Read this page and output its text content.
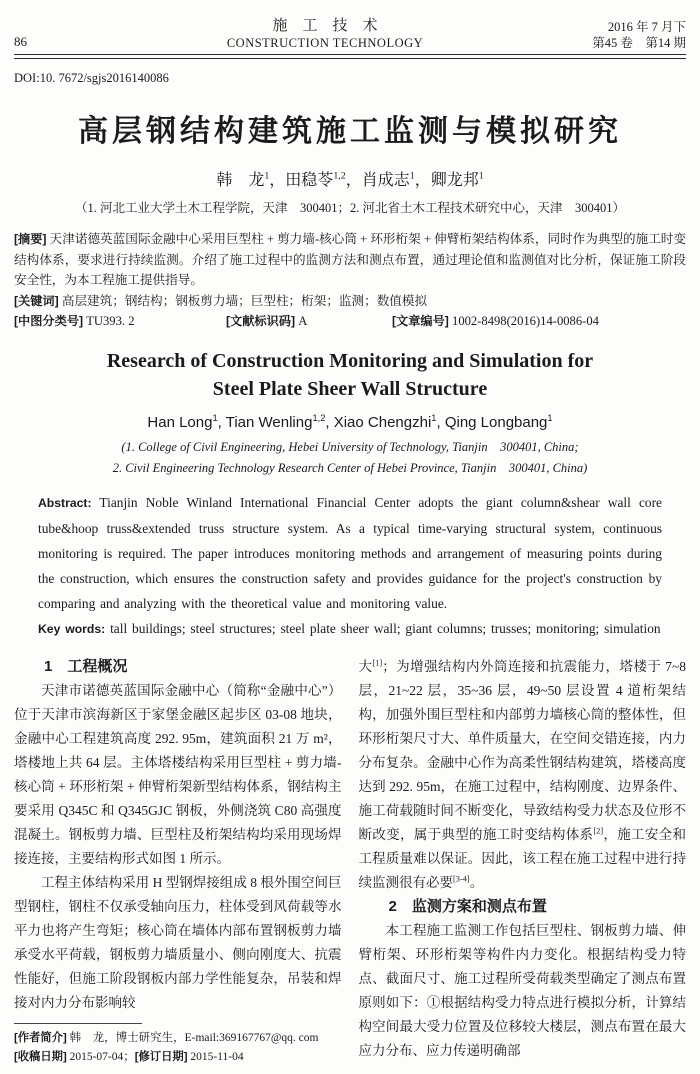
86
施　工　技　术
CONSTRUCTION TECHNOLOGY
2016 年 7 月下
第45 卷　第14 期
DOI:10. 7672/sgjs2016140086
高层钢结构建筑施工监测与模拟研究
韩　龙$^1$，田稳苓$^{1,2}$，肖成志$^1$，卿龙邦$^1$
（1. 河北工业大学土木工程学院，天津　300401；2. 河北省土木工程技术研究中心，天津　300401）

[摘要] 天津诺德英蓝国际金融中心采用巨型柱 + 剪力墙-核心筒 + 环形桁架 + 伸臂桁架结构体系，同时作为典型的施工时变结构体系，要求进行持续监测。介绍了施工过程中的监测方法和测点布置，通过理论值和监测值对比分析，保证施工阶段安全性，为本工程施工提供指导。

[关键词] 高层建筑；钢结构；钢板剪力墙；巨型柱；桁架；监测；数值模拟

[中图分类号] TU393. 2	[文献标识码] A	[文章编号] 1002-8498(2016)14-0086-04

Research of Construction Monitoring and Simulation for
Steel Plate Sheer Wall Structure
Han Long$^1$, Tian Wenling$^{1,2}$, Xiao Chengzhi$^1$, Qing Longbang$^1$
(1. College of Civil Engineering, Hebei University of Technology, Tianjin　300401, China;
2. Civil Engineering Technology Research Center of Hebei Province, Tianjin　300401, China)

Abstract: Tianjin Noble Winland International Financial Center adopts the giant column&shear wall core tube&hoop truss&extended truss structure system. As a typical time-varying structural system, continuous monitoring is required. The paper introduces monitoring methods and arrangement of measuring points during the construction, which ensures the construction safety and provides guidance for the project's construction by comparing and analyzing with the theoretical value and monitoring value.

Key words: tall buildings; steel structures; steel plate sheer wall; giant columns; trusses; monitoring; simulation

1　工程概况

天津市诺德英蓝国际金融中心（简称“金融中心”）位于天津市滨海新区于家堡金融区起步区 03-08 地块，金融中心工程建筑高度 292. 95m，建筑面积 21 万 m²，塔楼地上共 64 层。主体塔楼结构采用巨型柱 + 剪力墙-核心筒 + 环形桁架 + 伸臂桁架新型结构体系，钢结构主要采用 Q345C 和 Q345GJC 钢板，外侧浇筑 C80 高强度混凝土。钢板剪力墙、巨型柱及桁架结构均采用现场焊接连接，主要结构形式如图 1 所示。

工程主体结构采用 H 型钢焊接组成 8 根外围空间巨型钢柱，钢柱不仅承受轴向压力，柱体受到风荷载等水平力也将产生弯矩；核心筒在墙体内部布置钢板剪力墙承受水平荷载，钢板剪力墙质量小、侧向刚度大、抗震性能好，但施工阶段钢板内部力学性能复杂，吊装和焊接对内力分布影响较

[作者简介] 韩　龙，博士研究生，E-mail:369167767@qq. com
[收稿日期] 2015-07-04；[修订日期] 2015-11-04

大[1]；为增强结构内外筒连接和抗震能力，塔楼于 7~8 层，21~22 层，35~36 层，49~50 层设置 4 道桁架结构，加强外围巨型柱和内部剪力墙核心筒的整体性，但环形桁架尺寸大、单件质量大，在空间交错连接，内力分布复杂。金融中心作为高柔性钢结构建筑，塔楼高度达到 292. 95m，在施工过程中，结构刚度、边界条件、施工荷载随时间不断变化，导致结构受力状态及位形不断改变，属于典型的施工时变结构体系[2]，施工安全和工程质量难以保证。因此，该工程在施工过程中进行持续监测很有必要[3-4]。

2　监测方案和测点布置

本工程施工监测工作包括巨型柱、钢板剪力墙、伸臂桁架、环形桁架等构件内力变化。根据结构受力特点、截面尺寸、施工过程所受荷载类型确定了测点布置原则如下：①根据结构受力特点进行模拟分析，计算结构空间最大受力位置及位移较大楼层，测点布置在最大应力分布、应力传递明确部
